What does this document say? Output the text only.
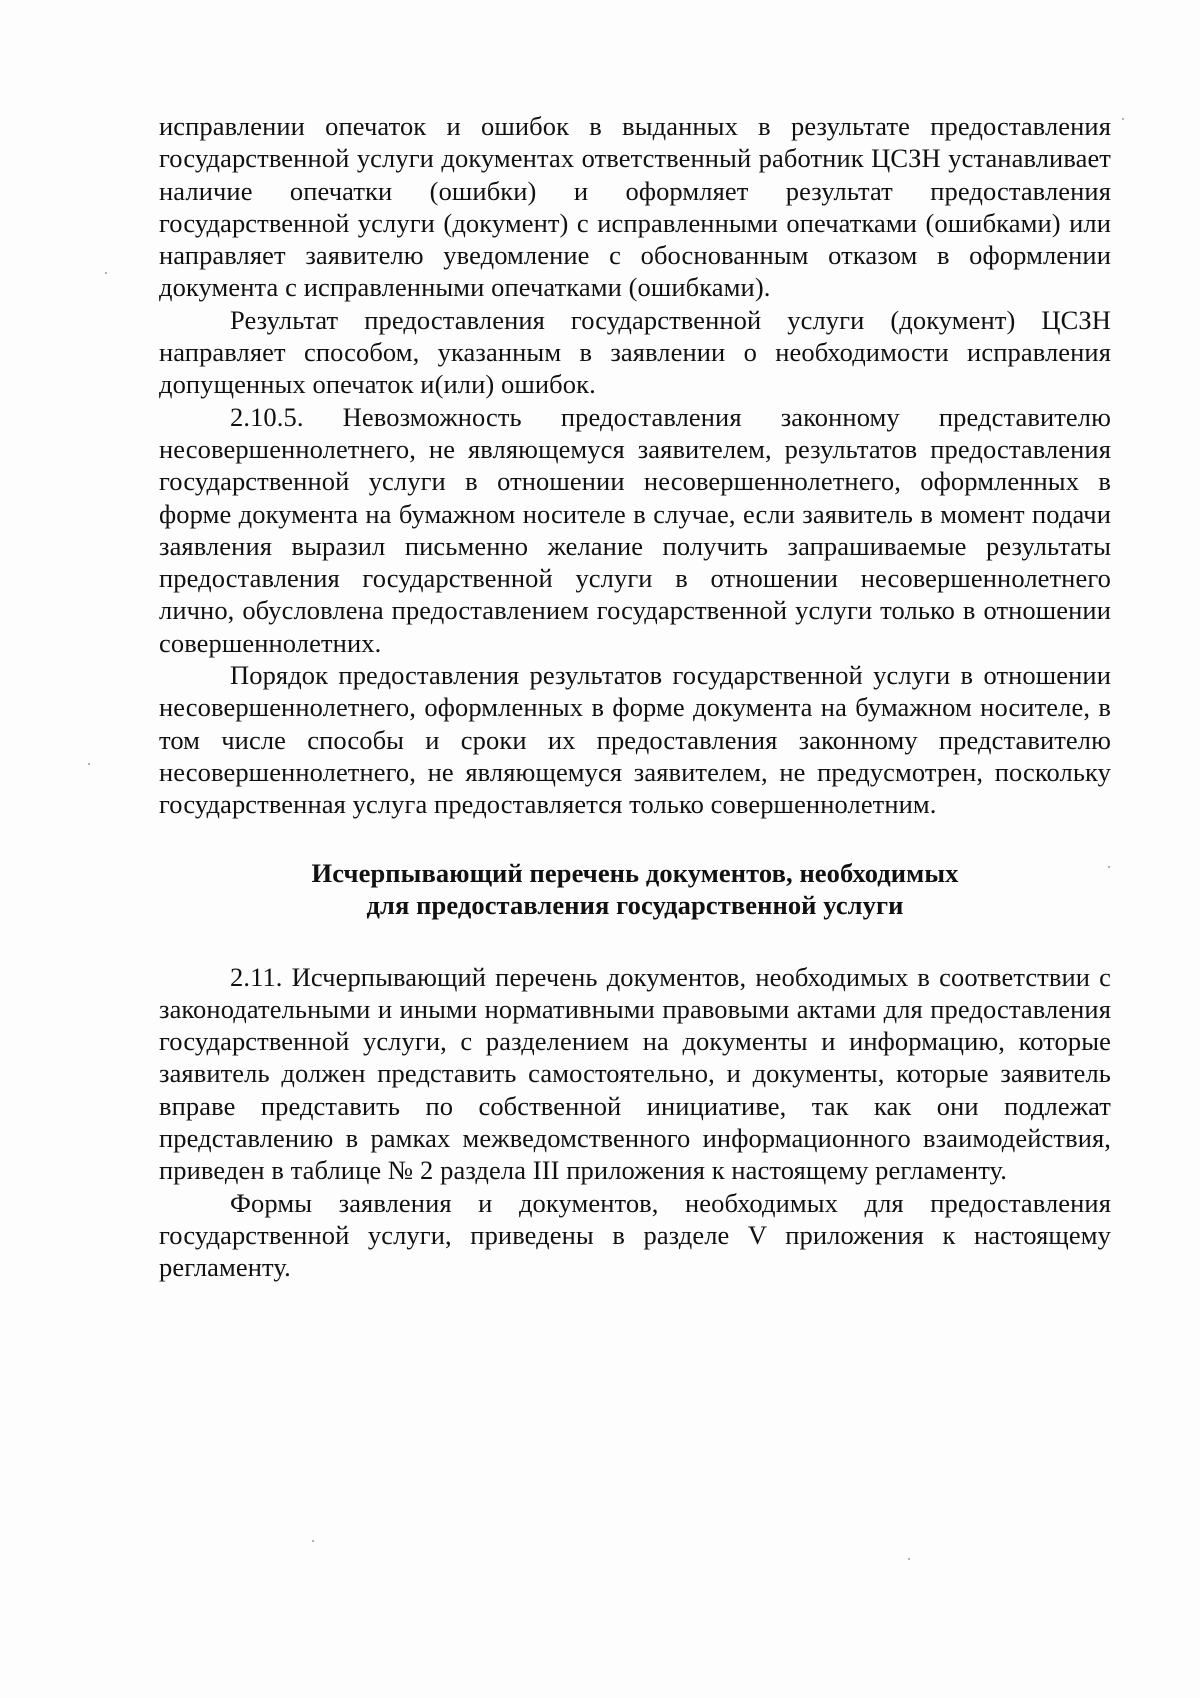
исправлении опечаток и ошибок в выданных в результате предоставления государственной услуги документах ответственный работник ЦСЗН устанавливает наличие опечатки (ошибки) и оформляет результат предоставления государственной услуги (документ) с исправленными опечатками (ошибками) или направляет заявителю уведомление с обоснованным отказом в оформлении документа с исправленными опечатками (ошибками).

Результат предоставления государственной услуги (документ) ЦСЗН направляет способом, указанным в заявлении о необходимости исправления допущенных опечаток и(или) ошибок.

2.10.5. Невозможность предоставления законному представителю несовершеннолетнего, не являющемуся заявителем, результатов предоставления государственной услуги в отношении несовершеннолетнего, оформленных в форме документа на бумажном носителе в случае, если заявитель в момент подачи заявления выразил письменно желание получить запрашиваемые результаты предоставления государственной услуги в отношении несовершеннолетнего лично, обусловлена предоставлением государственной услуги только в отношении совершеннолетних.

Порядок предоставления результатов государственной услуги в отношении несовершеннолетнего, оформленных в форме документа на бумажном носителе, в том числе способы и сроки их предоставления законному представителю несовершеннолетнего, не являющемуся заявителем, не предусмотрен, поскольку государственная услуга предоставляется только совершеннолетним.

Исчерпывающий перечень документов, необходимых
для предоставления государственной услуги

2.11. Исчерпывающий перечень документов, необходимых в соответствии с законодательными и иными нормативными правовыми актами для предоставления государственной услуги, с разделением на документы и информацию, которые заявитель должен представить самостоятельно, и документы, которые заявитель вправе представить по собственной инициативе, так как они подлежат представлению в рамках межведомственного информационного взаимодействия, приведен в таблице № 2 раздела III приложения к настоящему регламенту.

Формы заявления и документов, необходимых для предоставления государственной услуги, приведены в разделе V приложения к настоящему регламенту.
